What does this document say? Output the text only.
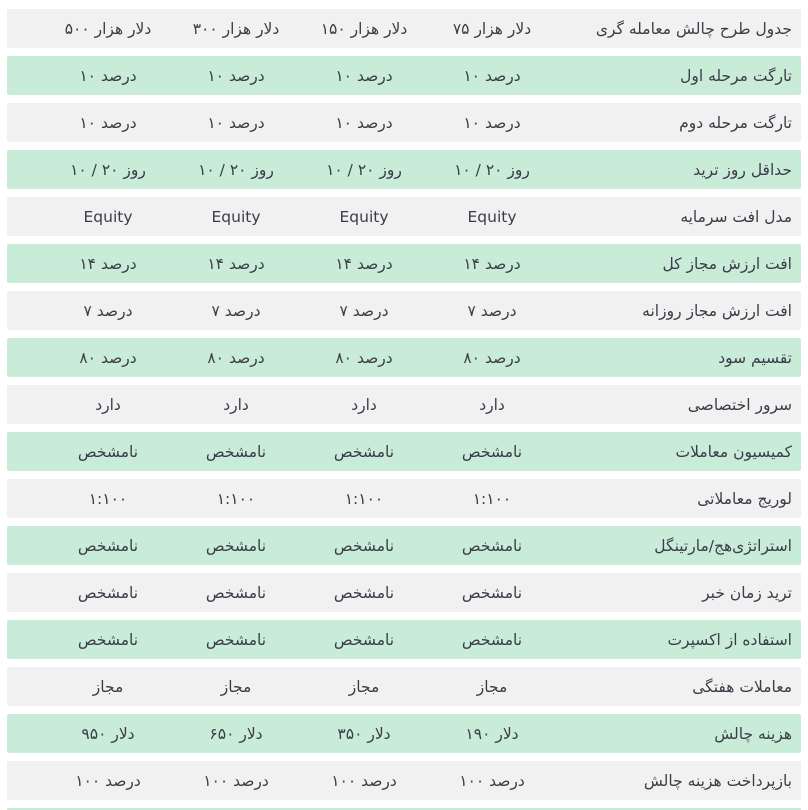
جدول طرح چالش معامله گری
۷۵ هزار‎ دلار
۱۵۰ هزار‎ دلار
۳۰۰ هزار‎ دلار
۵۰۰ هزار‎ دلار
تارگت مرحله اول
۱۰ درصد
۱۰ درصد
۱۰ درصد
۱۰ درصد
تارگت مرحله دوم
۱۰ درصد
۱۰ درصد
۱۰ درصد
۱۰ درصد
حداقل روز ترید
۱۰ / ۲۰ روز
۱۰ / ۲۰ روز
۱۰ / ۲۰ روز
۱۰ / ۲۰ روز
مدل افت سرمایه
Equity
Equity
Equity
Equity
افت ارزش مجاز کل
۱۴ درصد
۱۴ درصد
۱۴ درصد
۱۴ درصد
افت ارزش مجاز روزانه
۷ درصد
۷ درصد
۷ درصد
۷ درصد
تقسیم سود
۸۰ درصد
۸۰ درصد
۸۰ درصد
۸۰ درصد
سرور اختصاصی
دارد
دارد
دارد
دارد
کمیسیون معاملات
نامشخص
نامشخص
نامشخص
نامشخص
لوریج معاملاتی
۱:۱۰۰
۱:۱۰۰
۱:۱۰۰
۱:۱۰۰
استراتژی‌هج/مارتینگل
نامشخص
نامشخص
نامشخص
نامشخص
ترید زمان خبر
نامشخص
نامشخص
نامشخص
نامشخص
استفاده از اکسپرت
نامشخص
نامشخص
نامشخص
نامشخص
معاملات هفتگی
مجاز
مجاز
مجاز
مجاز
هزینه چالش
۱۹۰ دلار
۳۵۰ دلار
۶۵۰ دلار
۹۵۰ دلار
بازپرداخت هزینه چالش
۱۰۰ درصد
۱۰۰ درصد
۱۰۰ درصد
۱۰۰ درصد
